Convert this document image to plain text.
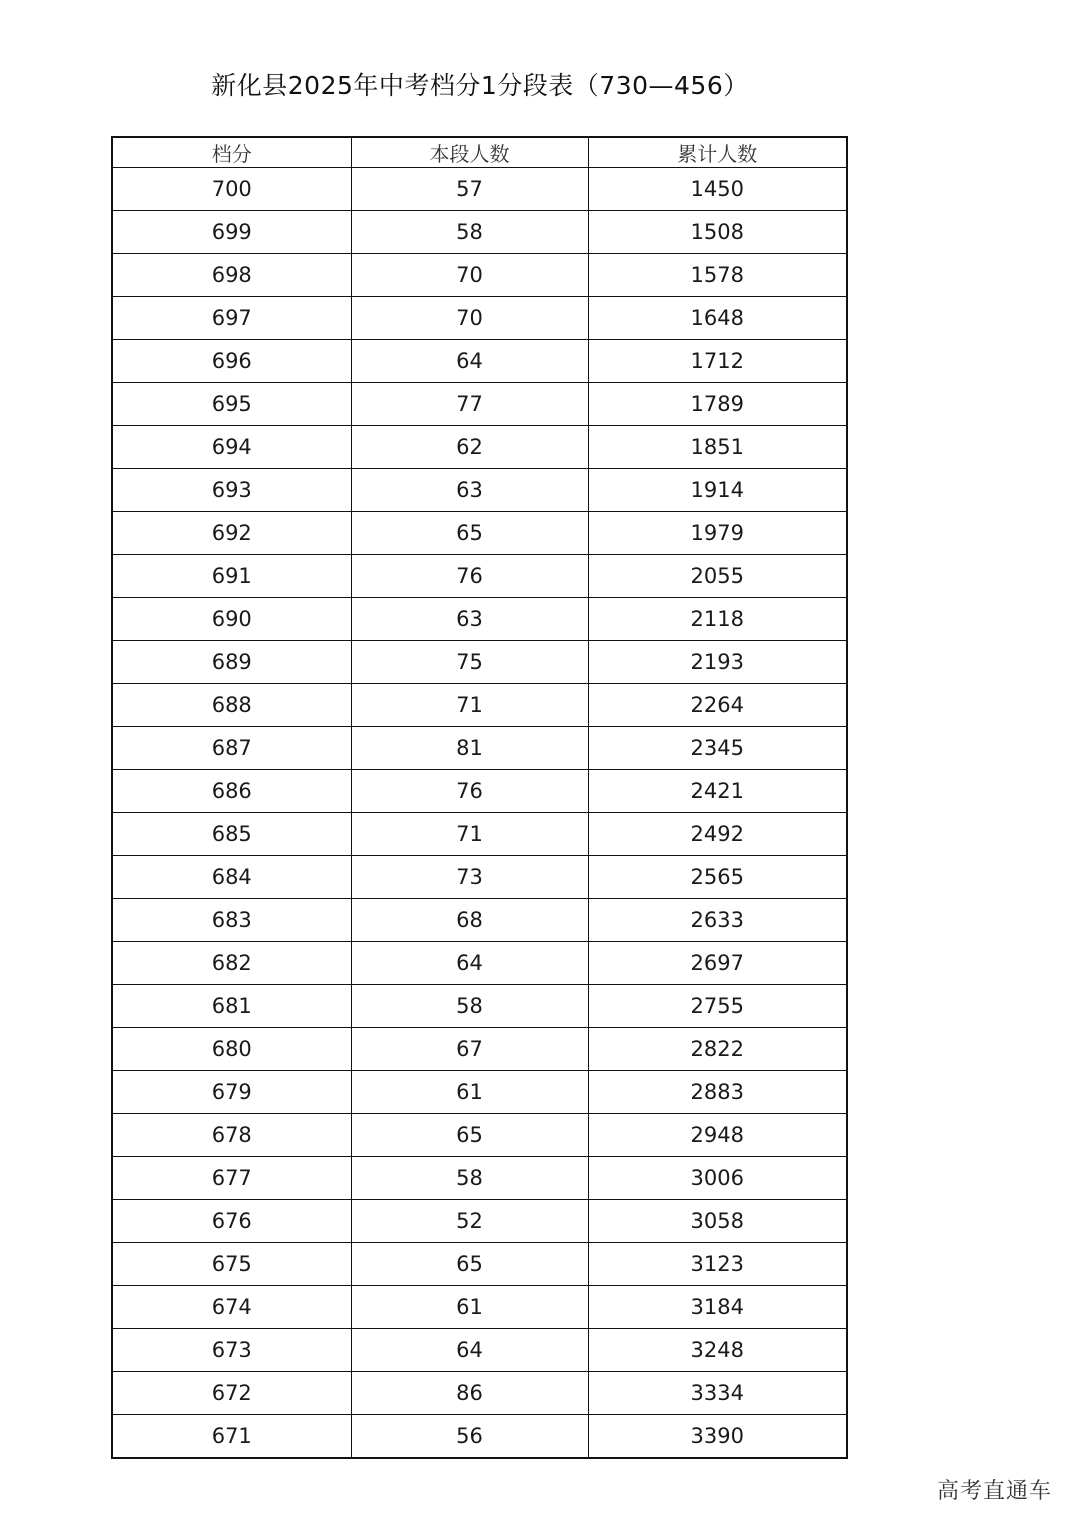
新化县2025年中考档分1分段表（730—456）
档分	本段人数	累计人数
700	57	1450
699	58	1508
698	70	1578
697	70	1648
696	64	1712
695	77	1789
694	62	1851
693	63	1914
692	65	1979
691	76	2055
690	63	2118
689	75	2193
688	71	2264
687	81	2345
686	76	2421
685	71	2492
684	73	2565
683	68	2633
682	64	2697
681	58	2755
680	67	2822
679	61	2883
678	65	2948
677	58	3006
676	52	3058
675	65	3123
674	61	3184
673	64	3248
672	86	3334
671	56	3390
高考直通车
